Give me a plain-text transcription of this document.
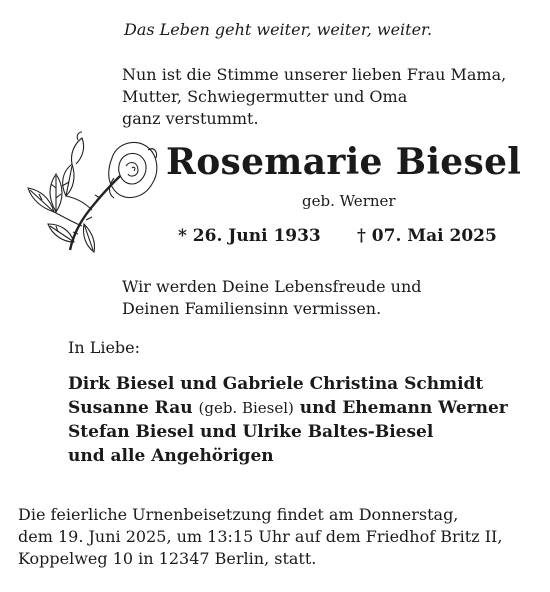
Das Leben geht weiter, weiter, weiter.

Nun ist die Stimme unserer lieben Frau Mama,
Mutter, Schwiegermutter und Oma
ganz verstummt.
Rosemarie Biesel

geb. Werner

* 26. Juni 1933 † 07. Mai 2025

Wir werden Deine Lebensfreude und
Deinen Familiensinn vermissen.

In Liebe:

Dirk Biesel und Gabriele Christina Schmidt
Susanne Rau (geb. Biesel) und Ehemann Werner
Stefan Biesel und Ulrike Baltes-Biesel
und alle Angehörigen
Die feierliche Urnenbeisetzung findet am Donnerstag,
dem 19. Juni 2025, um 13:15 Uhr auf dem Friedhof Britz II,
Koppelweg 10 in 12347 Berlin, statt.
